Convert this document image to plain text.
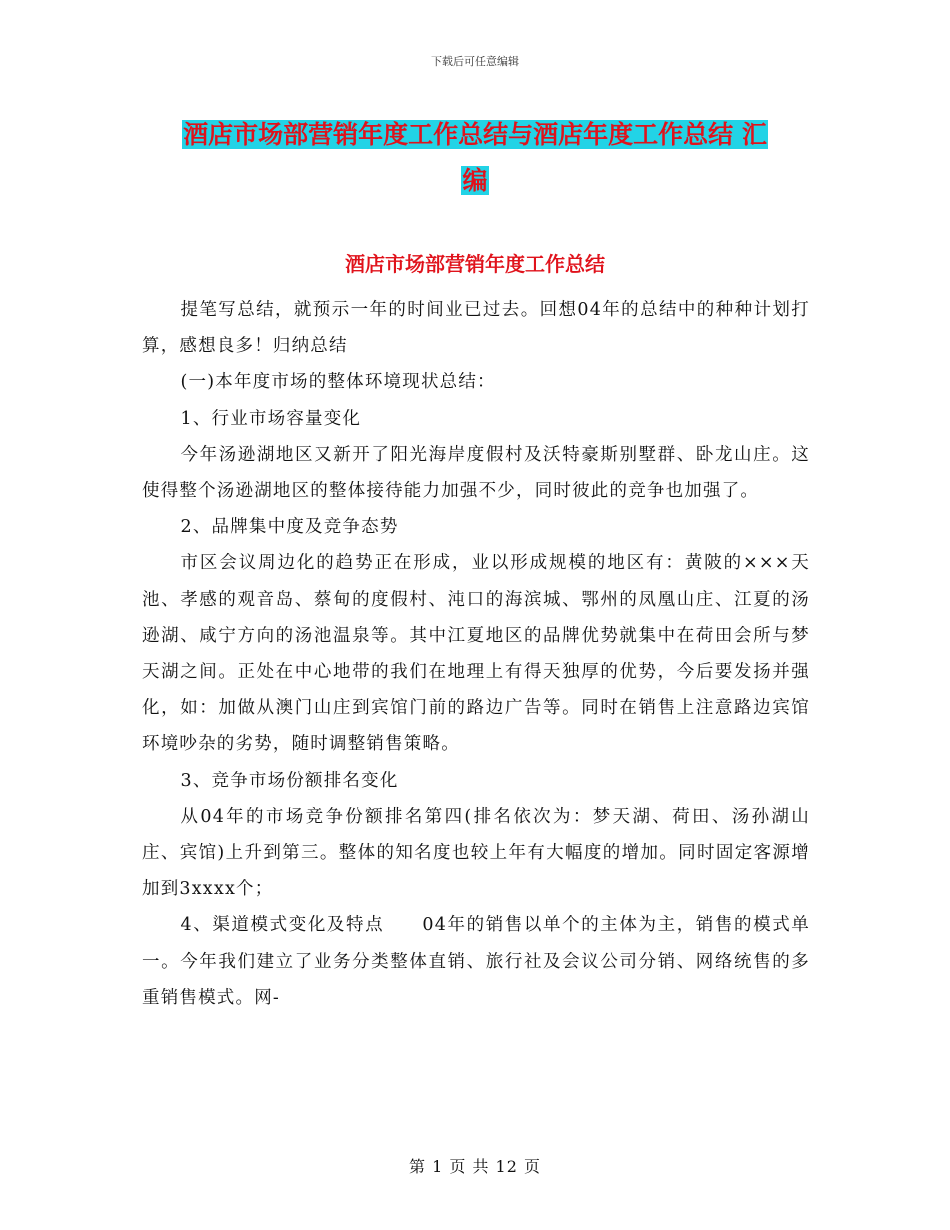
下载后可任意编辑
酒店市场部营销年度工作总结与酒店年度工作总结 汇
编
酒店市场部营销年度工作总结

提笔写总结，就预示一年的时间业已过去。回想04年的总结中的种种计划打算，感想良多！归纳总结

(一)本年度市场的整体环境现状总结：

1、行业市场容量变化

今年汤逊湖地区又新开了阳光海岸度假村及沃特豪斯别墅群、卧龙山庄。这使得整个汤逊湖地区的整体接待能力加强不少，同时彼此的竞争也加强了。

2、品牌集中度及竞争态势

市区会议周边化的趋势正在形成，业以形成规模的地区有：黄陂的×××天池、孝感的观音岛、蔡甸的度假村、沌口的海滨城、鄂州的凤凰山庄、江夏的汤逊湖、咸宁方向的汤池温泉等。其中江夏地区的品牌优势就集中在荷田会所与梦天湖之间。正处在中心地带的我们在地理上有得天独厚的优势，今后要发扬并强化，如：加做从澳门山庄到宾馆门前的路边广告等。同时在销售上注意路边宾馆环境吵杂的劣势，随时调整销售策略。

3、竞争市场份额排名变化

从04年的市场竞争份额排名第四(排名依次为：梦天湖、荷田、汤孙湖山庄、宾馆)上升到第三。整体的知名度也较上年有大幅度的增加。同时固定客源增加到3xxxx个；

4、渠道模式变化及特点　　04年的销售以单个的主体为主，销售的模式单一。今年我们建立了业务分类整体直销、旅行社及会议公司分销、网络统售的多重销售模式。网-

第 1 页 共 12 页
